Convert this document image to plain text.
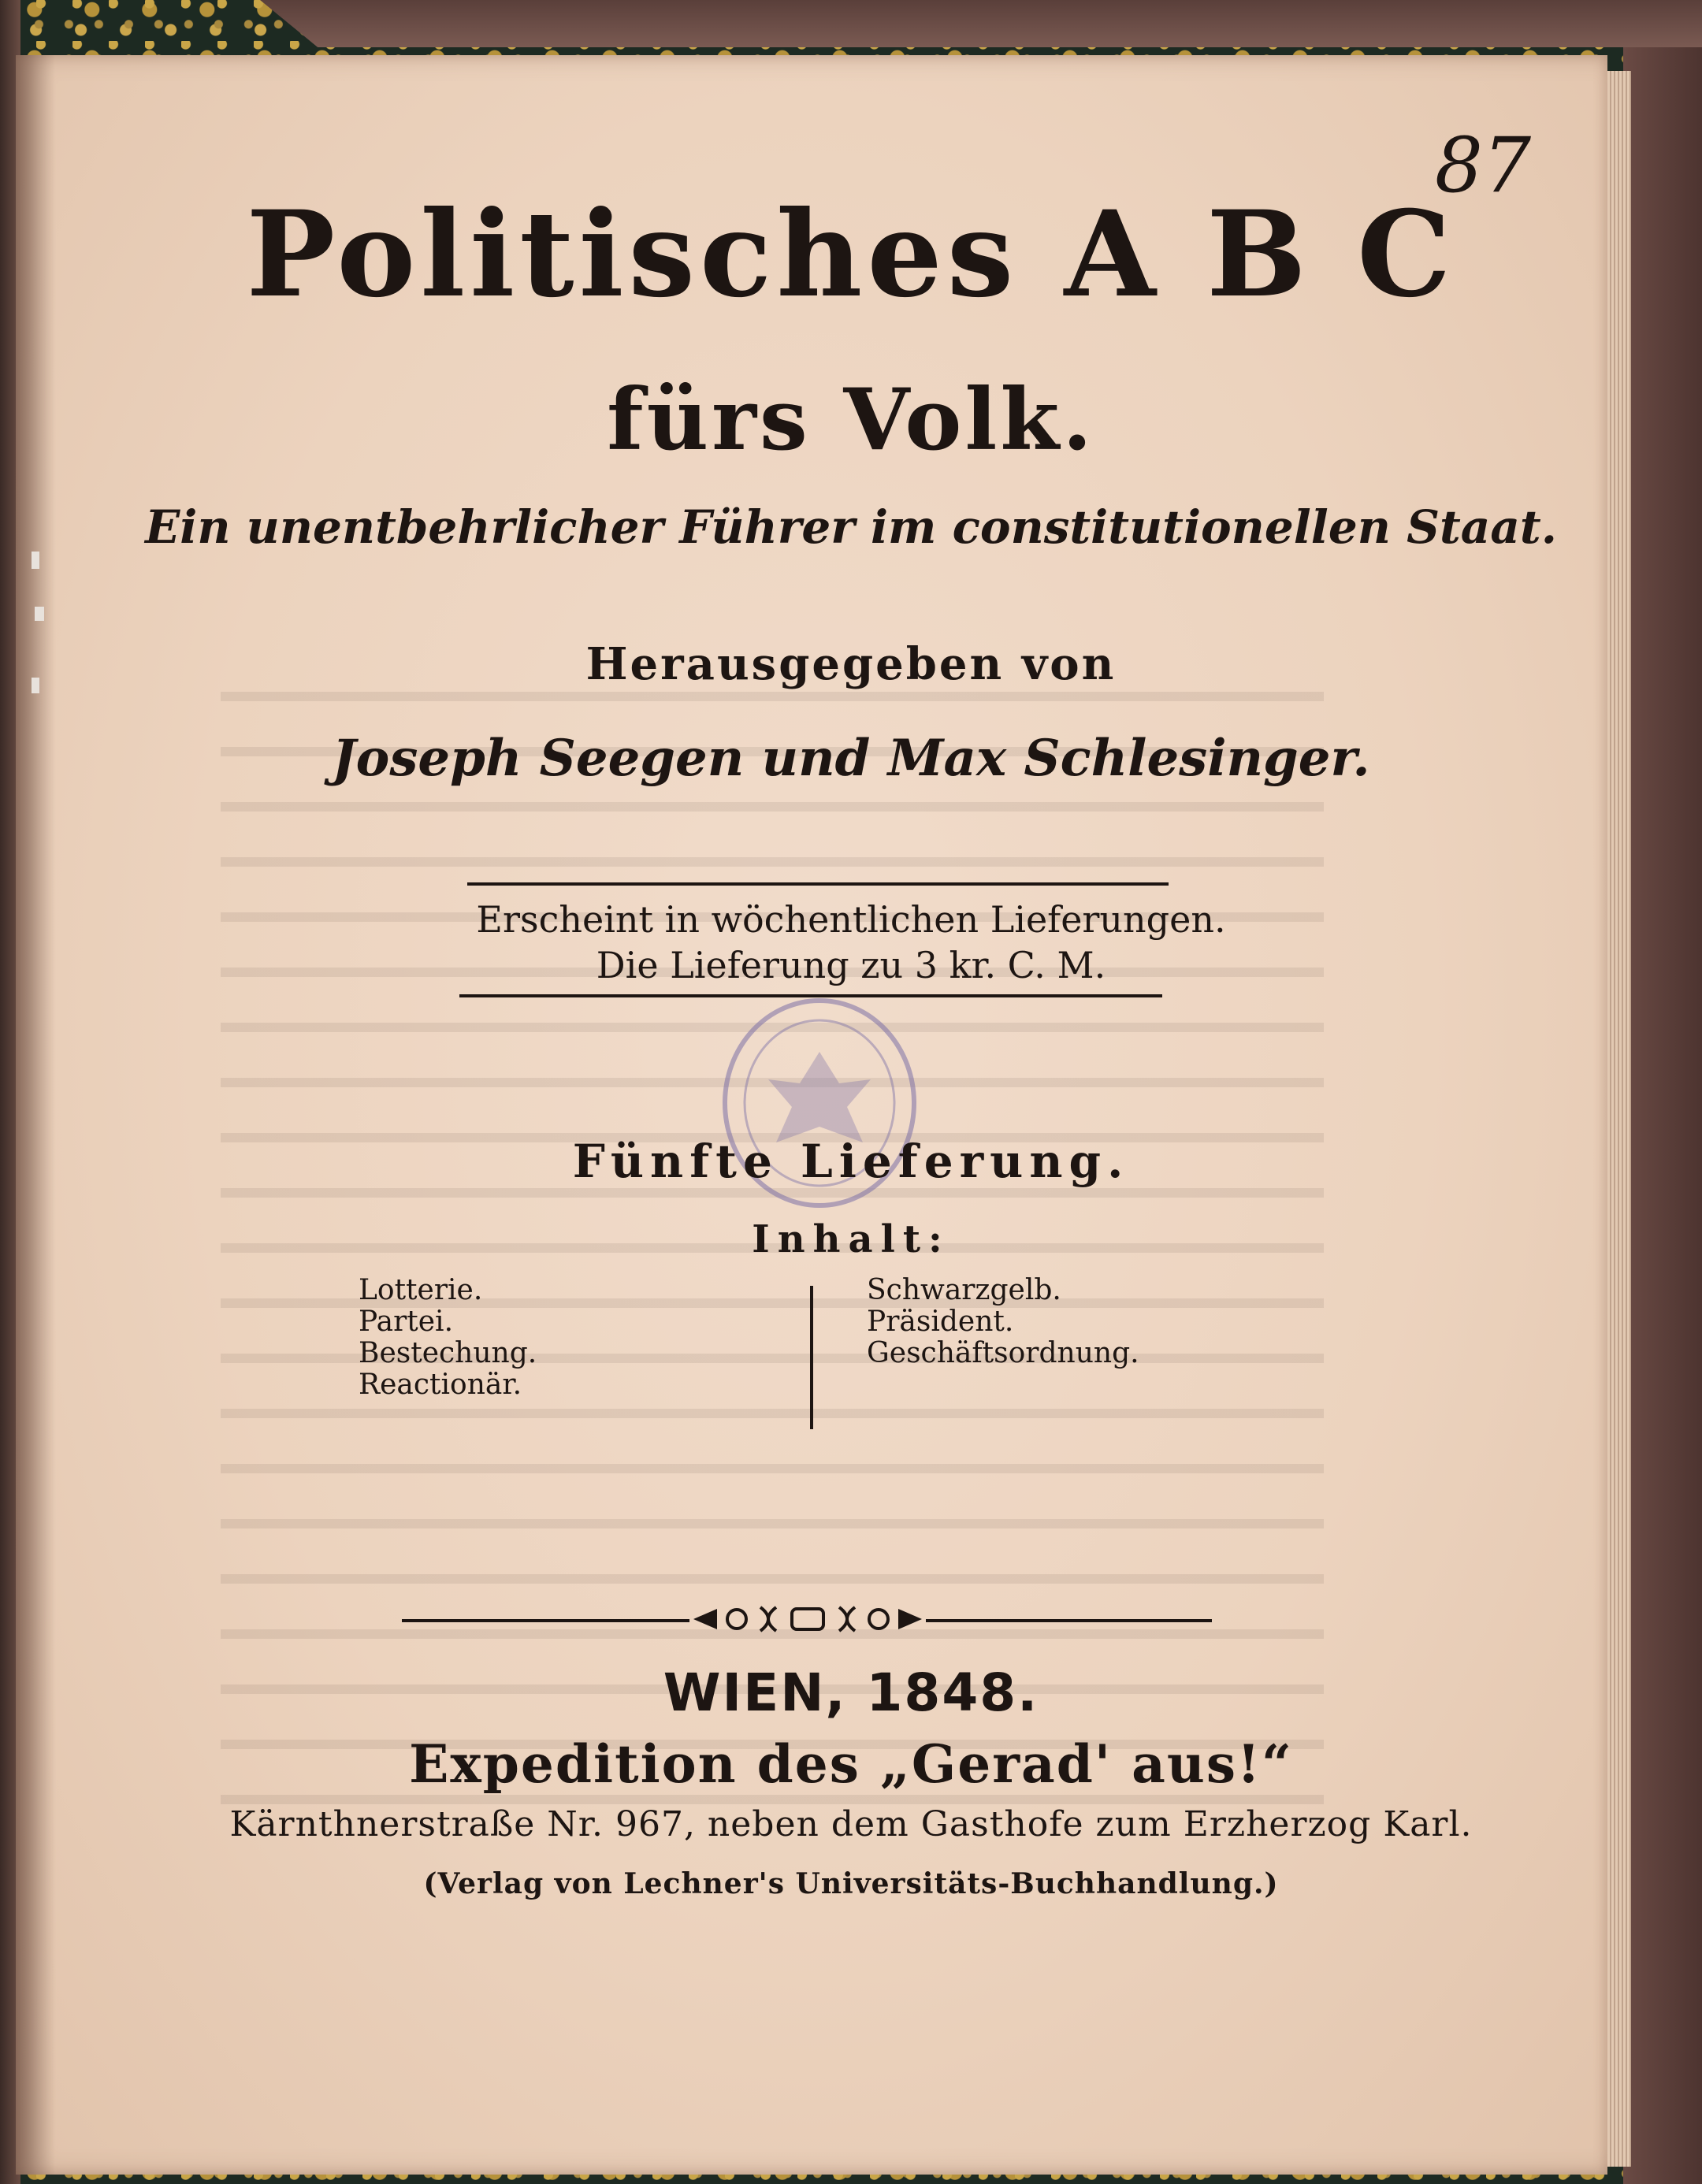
87
Politisches A B C
fürs Volk.
Ein unentbehrlicher Führer im constitutionellen Staat.
Herausgegeben von
Joseph Seegen und Max Schlesinger.
Erscheint in wöchentlichen Lieferungen.
Die Lieferung zu 3 kr. C. M.
Fünfte Lieferung.
Inhalt:
Lotterie.
Partei.
Bestechung.
Reactionär.
Schwarzgelb.
Präsident.
Geschäftsordnung.
WIEN, 1848.
Expedition des „Gerad' aus!“
Kärnthnerstraße Nr. 967, neben dem Gasthofe zum Erzherzog Karl.
(Verlag von Lechner's Universitäts-Buchhandlung.)
